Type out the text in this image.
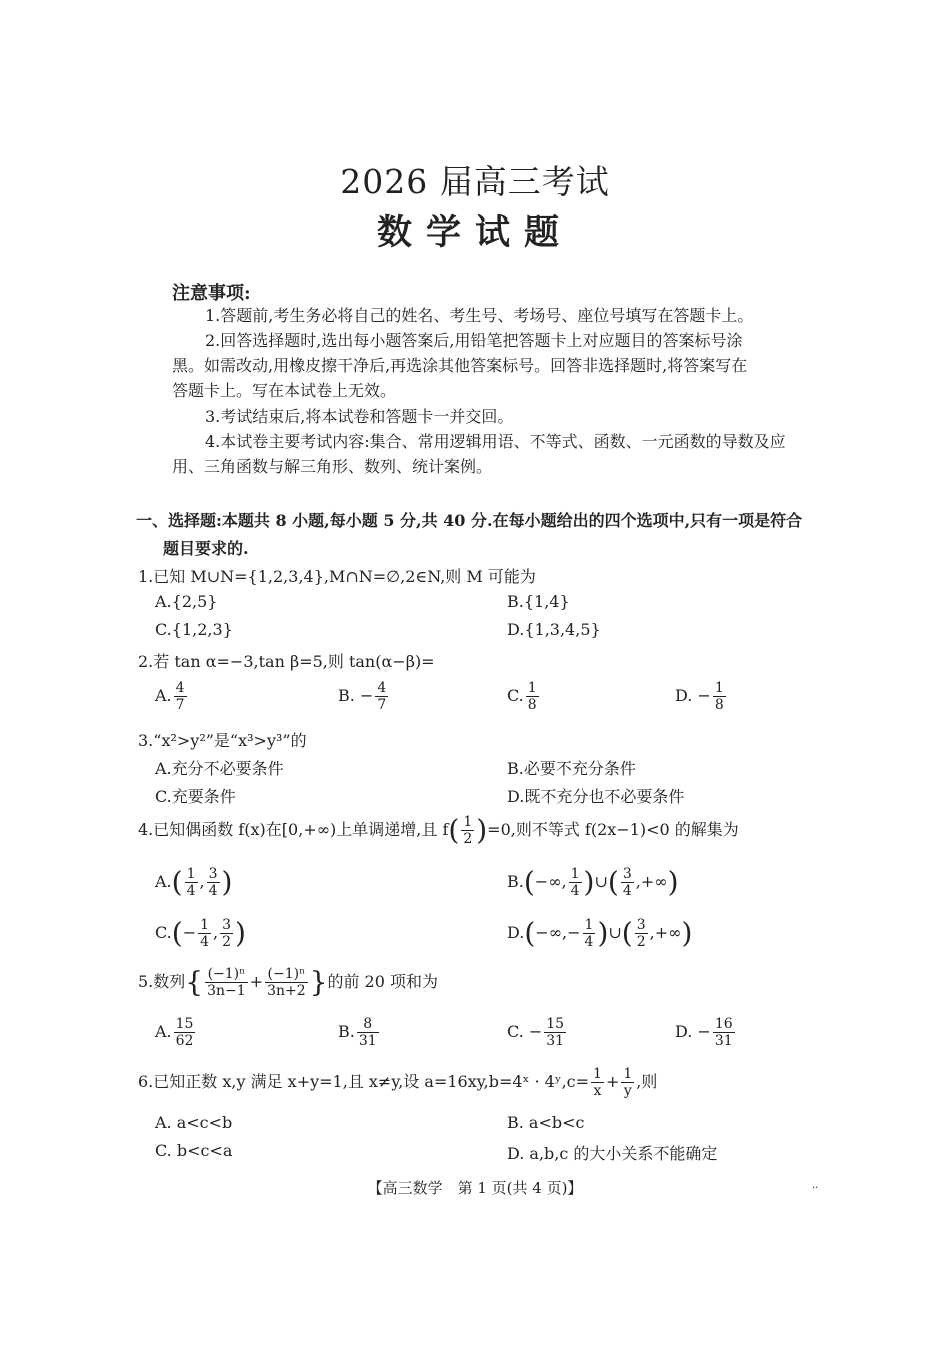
2026 届高三考试
数学试题
注意事项:
1.答题前,考生务必将自己的姓名、考生号、考场号、座位号填写在答题卡上。
2.回答选择题时,选出每小题答案后,用铅笔把答题卡上对应题目的答案标号涂
黑。如需改动,用橡皮擦干净后,再选涂其他答案标号。回答非选择题时,将答案写在
答题卡上。写在本试卷上无效。
3.考试结束后,将本试卷和答题卡一并交回。
4.本试卷主要考试内容:集合、常用逻辑用语、不等式、函数、一元函数的导数及应
用、三角函数与解三角形、数列、统计案例。
一、选择题:本题共 8 小题,每小题 5 分,共 40 分.在每小题给出的四个选项中,只有一项是符合
题目要求的.
1.已知 M∪N={1,2,3,4},M∩N=∅,2∈N,则 M 可能为
A.{2,5}	B.{1,4}
C.{1,2,3}	D.{1,3,4,5}
2.若 tan α=−3,tan β=5,则 tan(α−β)=
A. $\frac{4}{7}$	B. − $\frac{4}{7}$	C. $\frac{1}{8}$	D. − $\frac{1}{8}$
3.“x²>y²”是“x³>y³”的
A.充分不必要条件	B.必要不充分条件
C.充要条件	D.既不充分也不必要条件
4.已知偶函数 f(x)在[0,+∞)上单调递增,且 $f( \frac{1}{2} )=0$,则不等式 f(2x−1)<0 的解集为
$A.( \frac{1}{4}$ , $\frac{3}{4}$ )	B.(−∞, $\frac{1}{4}$ )∪( $\frac{3}{4}$ ,+∞)
$C.(- \frac{1}{4}$ , $\frac{3}{2}$ )	$D.(-\infty,- \frac{1}{4}$ )∪( $\frac{3}{2}$ ,+∞)
5.数列{ $\frac{\text{(−1)ⁿ}}{3n-1} + \frac{\text{(−1)ⁿ}}{3n+2}$ }的前 20 项和为
A. $\frac{15}{62}$	B. $\frac{8}{31}$	C. − $\frac{15}{31}$	D. − $\frac{16}{31}$
6.已知正数 x,y 满足 x+y=1,且 x≠y,设 a=16xy,b=4ˣ · 4ʸ,c= $\frac{1}{x} + \frac{1}{y}$ ,则
A. a<c<b	B. a<b<c
C. b<c<a	D. a,b,c 的大小关系不能确定
【高三数学　第 1 页(共 4 页)】	··
